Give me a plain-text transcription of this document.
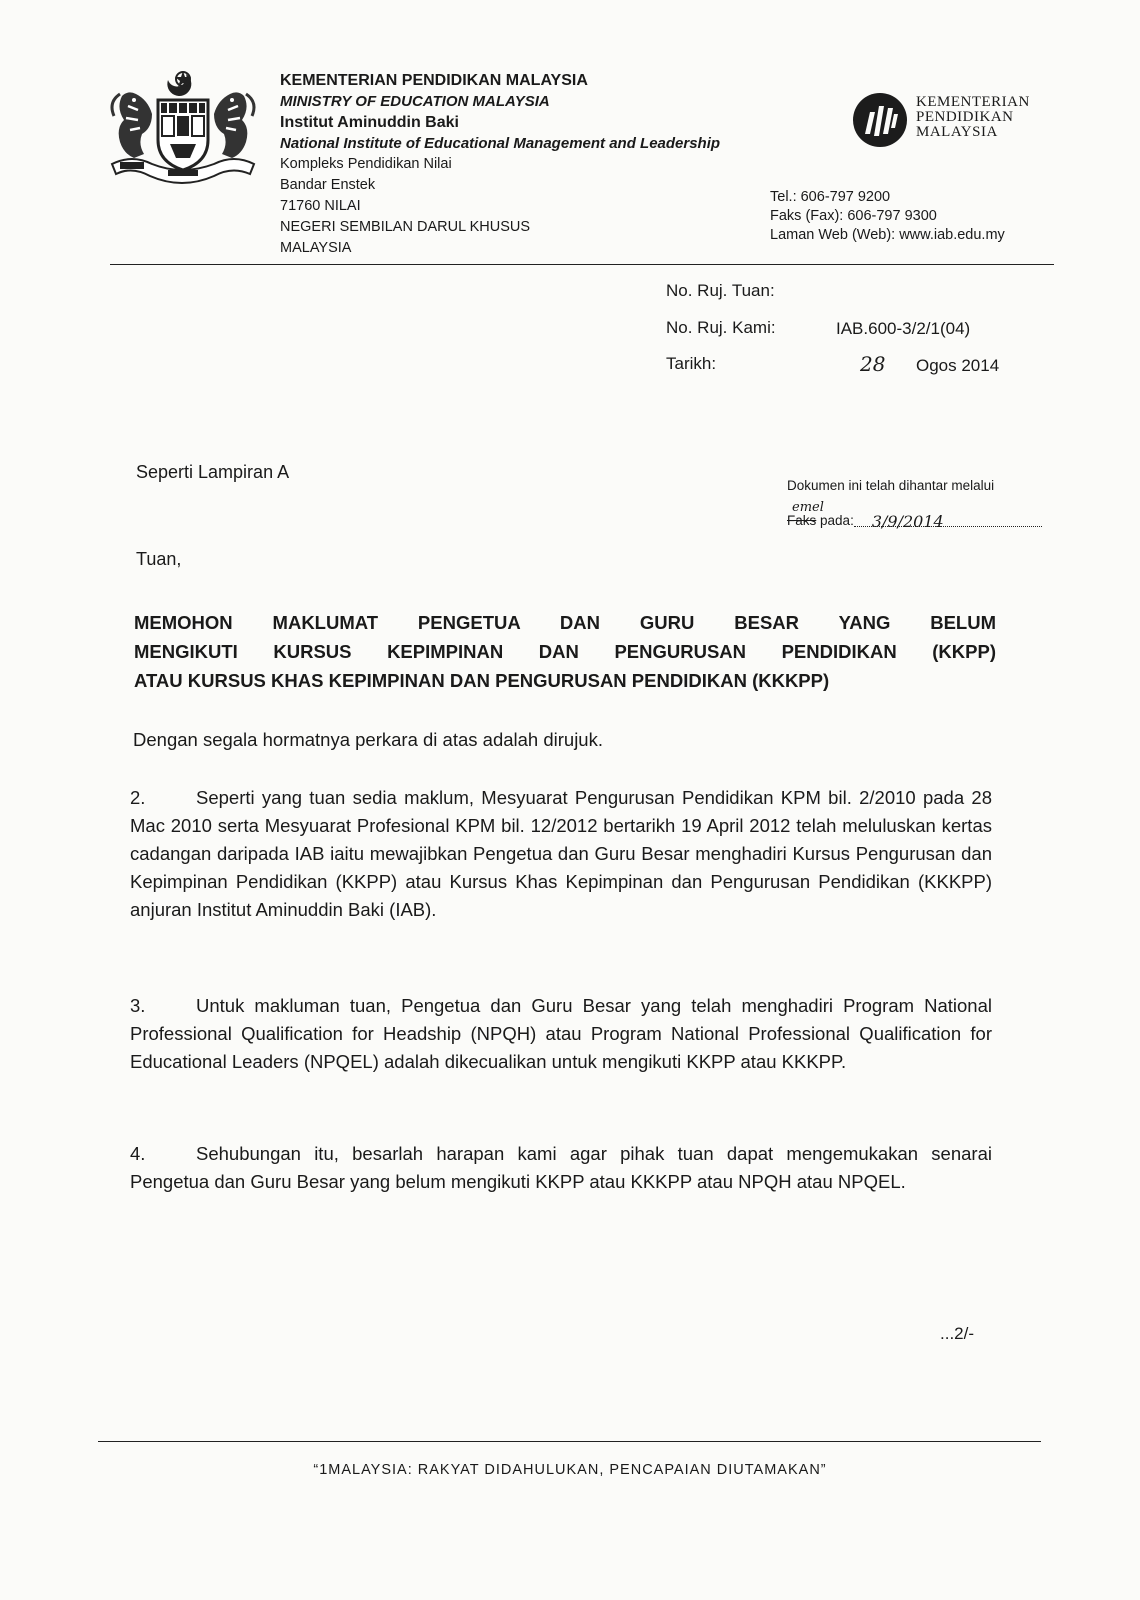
KEMENTERIAN PENDIDIKAN MALAYSIA
MINISTRY OF EDUCATION MALAYSIA
Institut Aminuddin Baki
National Institute of Educational Management and Leadership
Kompleks Pendidikan Nilai
Bandar Enstek
71760 NILAI
NEGERI SEMBILAN DARUL KHUSUS
MALAYSIA
KEMENTERIAN
PENDIDIKAN
MALAYSIA
Tel.: 606-797 9200
Faks (Fax): 606-797 9300
Laman Web (Web): www.iab.edu.my
No. Ruj. Tuan:
No. Ruj. Kami:	IAB.600-3/2/1(04)
Tarikh:	28 Ogos 2014
Seperti Lampiran A
Dokumen ini telah dihantar melalui
emel
Faks pada: 3/9/2014
Tuan,
MEMOHON MAKLUMAT PENGETUA DAN GURU BESAR YANG BELUM
MENGIKUTI KURSUS KEPIMPINAN DAN PENGURUSAN PENDIDIKAN (KKPP)
ATAU KURSUS KHAS KEPIMPINAN DAN PENGURUSAN PENDIDIKAN (KKKPP)
Dengan segala hormatnya perkara di atas adalah dirujuk.
2.	Seperti yang tuan sedia maklum, Mesyuarat Pengurusan Pendidikan KPM bil. 2/2010 pada 28 Mac 2010 serta Mesyuarat Profesional KPM bil. 12/2012 bertarikh 19 April 2012 telah meluluskan kertas cadangan daripada IAB iaitu mewajibkan Pengetua dan Guru Besar menghadiri Kursus Pengurusan dan Kepimpinan Pendidikan (KKPP) atau Kursus Khas Kepimpinan dan Pengurusan Pendidikan (KKKPP) anjuran Institut Aminuddin Baki (IAB).
3.	Untuk makluman tuan, Pengetua dan Guru Besar yang telah menghadiri Program National Professional Qualification for Headship (NPQH) atau Program National Professional Qualification for Educational Leaders (NPQEL) adalah dikecualikan untuk mengikuti KKPP atau KKKPP.
4.	Sehubungan itu, besarlah harapan kami agar pihak tuan dapat mengemukakan senarai Pengetua dan Guru Besar yang belum mengikuti KKPP atau KKKPP atau NPQH atau NPQEL.
...2/-
“1MALAYSIA: RAKYAT DIDAHULUKAN, PENCAPAIAN DIUTAMAKAN”
